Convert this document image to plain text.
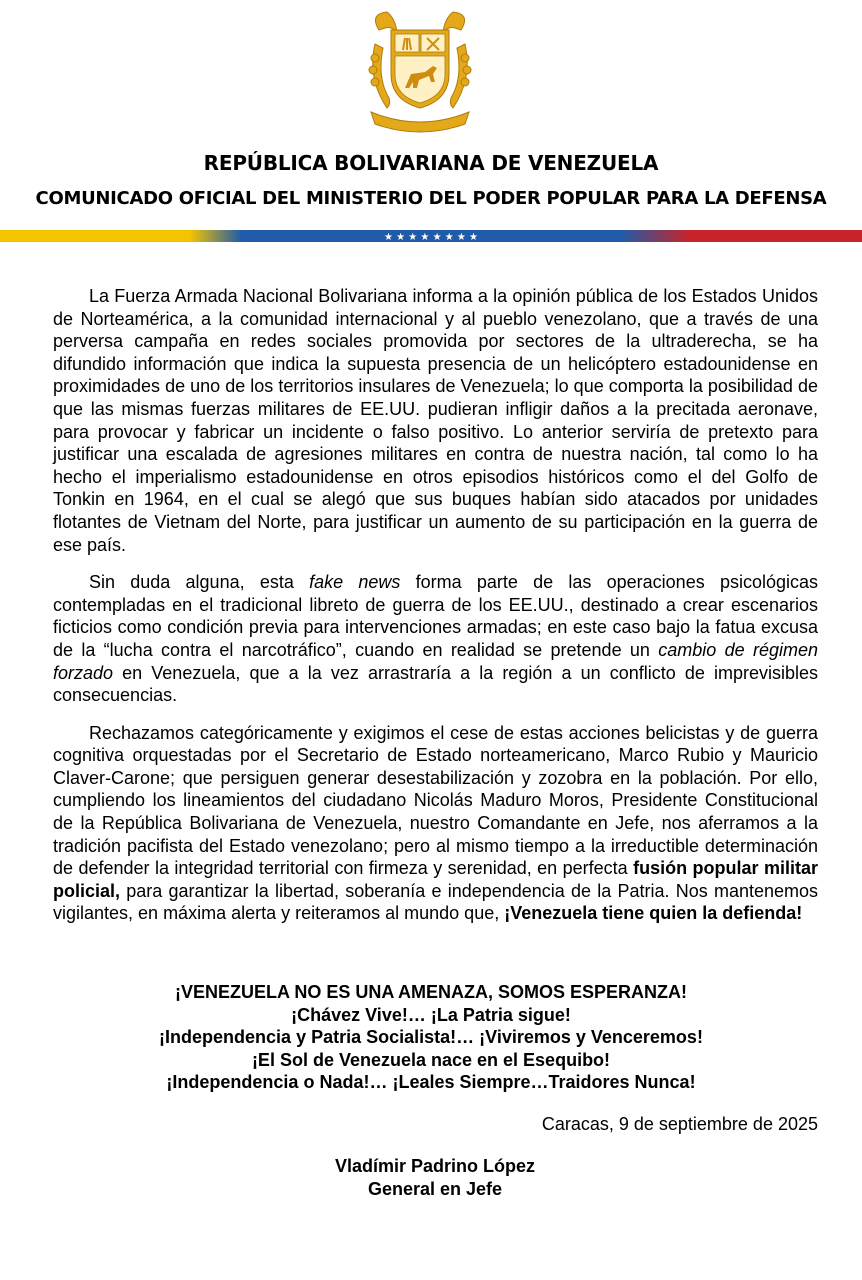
REPÚBLICA BOLIVARIANA DE VENEZUELA
COMUNICADO OFICIAL DEL MINISTERIO DEL PODER POPULAR PARA LA DEFENSA
★ ★ ★ ★ ★ ★ ★ ★

La Fuerza Armada Nacional Bolivariana informa a la opinión pública de los Estados Unidos de Norteamérica, a la comunidad internacional y al pueblo venezolano, que a través de una perversa campaña en redes sociales promovida por sectores de la ultraderecha, se ha difundido información que indica la supuesta presencia de un helicóptero estadounidense en proximidades de uno de los territorios insulares de Venezuela; lo que comporta la posibilidad de que las mismas fuerzas militares de EE.UU. pudieran infligir daños a la precitada aeronave, para provocar y fabricar un incidente o falso positivo. Lo anterior serviría de pretexto para justificar una escalada de agresiones militares en contra de nuestra nación, tal como lo ha hecho el imperialismo estadounidense en otros episodios históricos como el del Golfo de Tonkin en 1964, en el cual se alegó que sus buques habían sido atacados por unidades flotantes de Vietnam del Norte, para justificar un aumento de su participación en la guerra de ese país.

Sin duda alguna, esta fake news forma parte de las operaciones psicológicas contempladas en el tradicional libreto de guerra de los EE.UU., destinado a crear escenarios ficticios como condición previa para intervenciones armadas; en este caso bajo la fatua excusa de la “lucha contra el narcotráfico”, cuando en realidad se pretende un cambio de régimen forzado en Venezuela, que a la vez arrastraría a la región a un conflicto de imprevisibles consecuencias.

Rechazamos categóricamente y exigimos el cese de estas acciones belicistas y de guerra cognitiva orquestadas por el Secretario de Estado norteamericano, Marco Rubio y Mauricio Claver-Carone; que persiguen generar desestabilización y zozobra en la población. Por ello, cumpliendo los lineamientos del ciudadano Nicolás Maduro Moros, Presidente Constitucional de la República Bolivariana de Venezuela, nuestro Comandante en Jefe, nos aferramos a la tradición pacifista del Estado venezolano; pero al mismo tiempo a la irreductible determinación de defender la integridad territorial con firmeza y serenidad, en perfecta fusión popular militar policial, para garantizar la libertad, soberanía e independencia de la Patria. Nos mantenemos vigilantes, en máxima alerta y reiteramos al mundo que, ¡Venezuela tiene quien la defienda!

¡VENEZUELA NO ES UNA AMENAZA, SOMOS ESPERANZA!
¡Chávez Vive!… ¡La Patria sigue!
¡Independencia y Patria Socialista!… ¡Viviremos y Venceremos!
¡El Sol de Venezuela nace en el Esequibo!
¡Independencia o Nada!… ¡Leales Siempre…Traidores Nunca!
Caracas, 9 de septiembre de 2025
Vladímir Padrino López
General en Jefe
